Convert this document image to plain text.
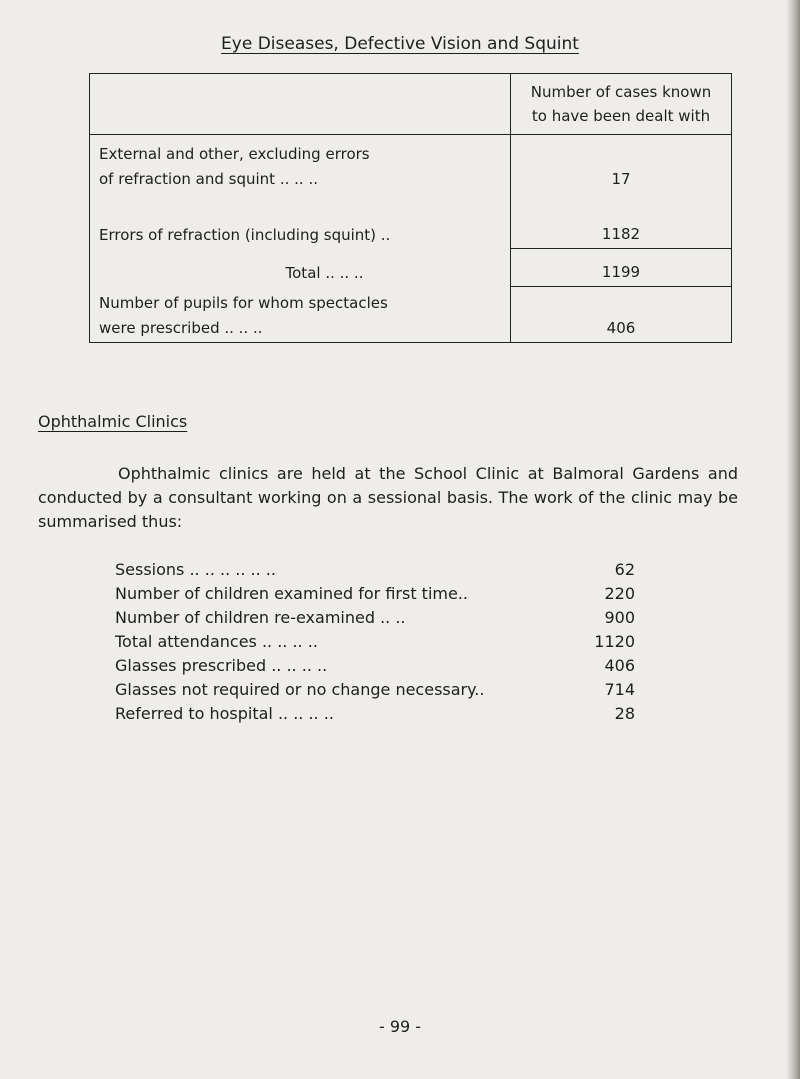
Eye Diseases, Defective Vision and Squint

	Number of cases known
to have been dealt with

External and other, excluding errors
of refraction and squint .. .. ..	17

Errors of refraction (including squint) ..	1182

Total .. .. ..	1199

Number of pupils for whom spectacles
were prescribed .. .. ..	406
Ophthalmic Clinics
Ophthalmic clinics are held at the School Clinic at Balmoral Gardens and conducted by a consultant working on a sessional basis. The work of the clinic may be summarised thus:
Sessions .. .. .. .. .. ..	62
Number of children examined for first time..	220
Number of children re-examined .. ..	900
Total attendances .. .. .. ..	1120
Glasses prescribed .. .. .. ..	406
Glasses not required or no change necessary..	714
Referred to hospital .. .. .. ..	28
- 99 -
